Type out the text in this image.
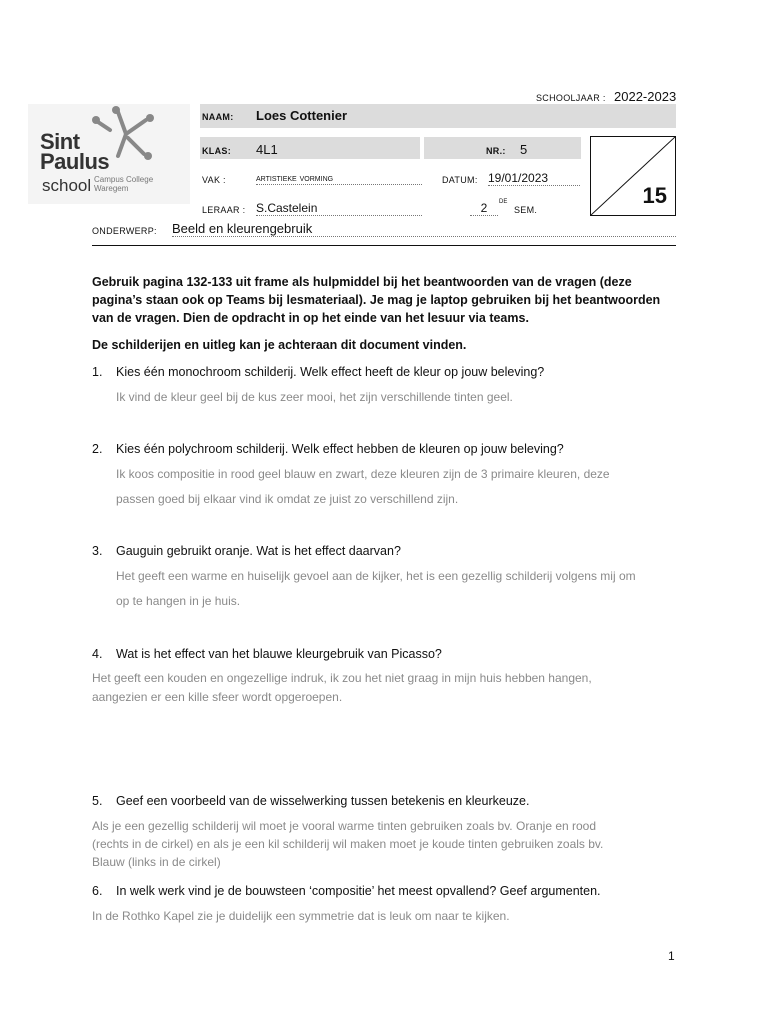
SCHOOLJAAR : 2022-2023
Sint
Paulus
school Campus College
Waregem
NAAM: Loes Cottenier
KLAS: 4L1	NR.: 5
VAK :	artistieke vorming	DATUM: 19/01/2023
LERAAR : S.Castelein	2	DE
SEM.
15
ONDERWERP: Beeld en kleurengebruik
Gebruik pagina 132-133 uit frame als hulpmiddel bij het beantwoorden van de vragen (deze
pagina’s staan ook op Teams bij lesmateriaal). Je mag je laptop gebruiken bij het beantwoorden
van de vragen. Dien de opdracht in op het einde van het lesuur via teams.
De schilderijen en uitleg kan je achteraan dit document vinden.
1. Kies één monochroom schilderij. Welk effect heeft de kleur op jouw beleving?
Ik vind de kleur geel bij de kus zeer mooi, het zijn verschillende tinten geel.
2. Kies één polychroom schilderij. Welk effect hebben de kleuren op jouw beleving?
Ik koos compositie in rood geel blauw en zwart, deze kleuren zijn de 3 primaire kleuren, deze
passen goed bij elkaar vind ik omdat ze juist zo verschillend zijn.
3. Gauguin gebruikt oranje. Wat is het effect daarvan?
Het geeft een warme en huiselijk gevoel aan de kijker, het is een gezellig schilderij volgens mij om
op te hangen in je huis.
4. Wat is het effect van het blauwe kleurgebruik van Picasso?
Het geeft een kouden en ongezellige indruk, ik zou het niet graag in mijn huis hebben hangen,
aangezien er een kille sfeer wordt opgeroepen.
5. Geef een voorbeeld van de wisselwerking tussen betekenis en kleurkeuze.
Als je een gezellig schilderij wil moet je vooral warme tinten gebruiken zoals bv. Oranje en rood
(rechts in de cirkel) en als je een kil schilderij wil maken moet je koude tinten gebruiken zoals bv.
Blauw (links in de cirkel)
6. In welk werk vind je de bouwsteen ‘compositie’ het meest opvallend? Geef argumenten.
In de Rothko Kapel zie je duidelijk een symmetrie dat is leuk om naar te kijken.
1
